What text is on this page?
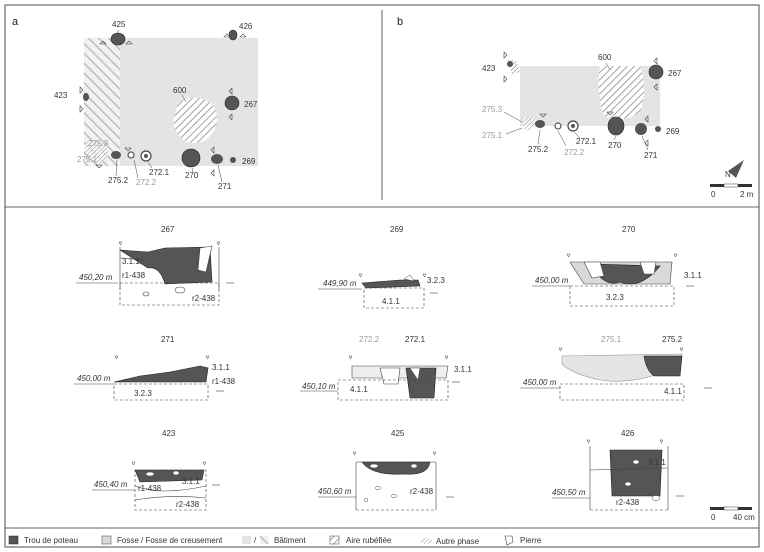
a	b
425	426
423
600
267
275.3
275.1
275.2 272.2
272.1 270
269
271
423
600
267
275.3
275.1
275.2 272.2
272.1 270
269
271
N
0	2 m
267
450,20 m
3.1.1
r1-438
r2-438
269
449,90 m	3.2.3
4.1.1
270
450,00 m
3.1.1
3.2.3
271
450,00 m
3.1.1
r1-438
3.2.3
272.2	272.1
450,10 m 4.1.1
3.1.1
275.1	275.2
450,00 m
4.1.1
423
450,40 m	3.1.1
r1-438
r2-438
425
450,60 m	r2-438
426
450,50 m
3.1.1
r2-438
0 40 cm
Trou de poteau	Fosse / Fosse de creusement	/ Bâtiment	Aire rubéfiée	Autre phase	Pierre
